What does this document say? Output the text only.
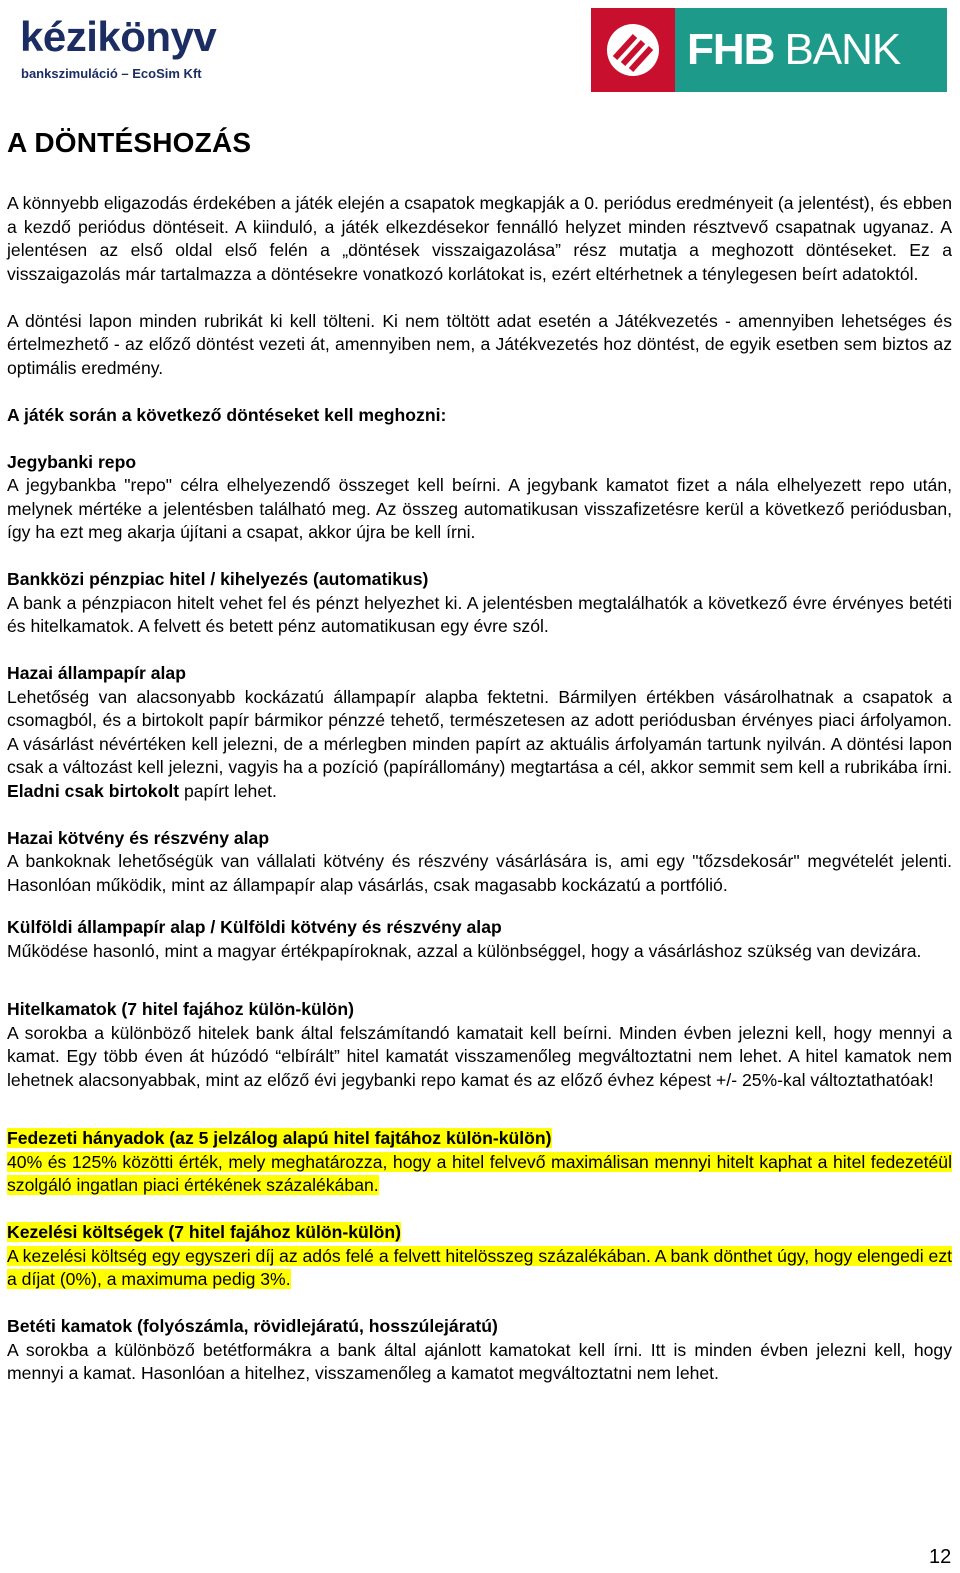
kézikönyv
bankszimuláció – EcoSim Kft	FHB BANK
A DÖNTÉSHOZÁS

A könnyebb eligazodás érdekében a játék elején a csapatok megkapják a 0. periódus eredményeit (a jelentést), és ebben a kezdő periódus döntéseit. A kiinduló, a játék elkezdésekor fennálló helyzet minden résztvevő csapatnak ugyanaz. A jelentésen az első oldal első felén a „döntések visszaigazolása” rész mutatja a meghozott döntéseket. Ez a visszaigazolás már tartalmazza a döntésekre vonatkozó korlátokat is, ezért eltérhetnek a ténylegesen beírt adatoktól.

A döntési lapon minden rubrikát ki kell tölteni. Ki nem töltött adat esetén a Játékvezetés - amennyiben lehetséges és értelmezhető - az előző döntést vezeti át, amennyiben nem, a Játékvezetés hoz döntést, de egyik esetben sem biztos az optimális eredmény.

A játék során a következő döntéseket kell meghozni:

Jegybanki repo

A jegybankba "repo" célra elhelyezendő összeget kell beírni. A jegybank kamatot fizet a nála elhelyezett repo után, melynek mértéke a jelentésben található meg. Az összeg automatikusan visszafizetésre kerül a következő periódusban, így ha ezt meg akarja újítani a csapat, akkor újra be kell írni.

Bankközi pénzpiac hitel / kihelyezés (automatikus)

A bank a pénzpiacon hitelt vehet fel és pénzt helyezhet ki. A jelentésben megtalálhatók a következő évre érvényes betéti és hitelkamatok. A felvett és betett pénz automatikusan egy évre szól.

Hazai állampapír alap

Lehetőség van alacsonyabb kockázatú állampapír alapba fektetni. Bármilyen értékben vásárolhatnak a csapatok a csomagból, és a birtokolt papír bármikor pénzzé tehető, természetesen az adott periódusban érvényes piaci árfolyamon. A vásárlást névértéken kell jelezni, de a mérlegben minden papírt az aktuális árfolyamán tartunk nyilván. A döntési lapon csak a változást kell jelezni, vagyis ha a pozíció (papírállomány) megtartása a cél, akkor semmit sem kell a rubrikába írni. Eladni csak birtokolt papírt lehet.

Hazai kötvény és részvény alap

A bankoknak lehetőségük van vállalati kötvény és részvény vásárlására is, ami egy "tőzsdekosár" megvételét jelenti. Hasonlóan működik, mint az állampapír alap vásárlás, csak magasabb kockázatú a portfólió.

Külföldi állampapír alap / Külföldi kötvény és részvény alap

Működése hasonló, mint a magyar értékpapíroknak, azzal a különbséggel, hogy a vásárláshoz szükség van devizára.

Hitelkamatok (7 hitel fajához külön-külön)

A sorokba a különböző hitelek bank által felszámítandó kamatait kell beírni. Minden évben jelezni kell, hogy mennyi a kamat. Egy több éven át húzódó “elbírált” hitel kamatát visszamenőleg megváltoztatni nem lehet. A hitel kamatok nem lehetnek alacsonyabbak, mint az előző évi jegybanki repo kamat és az előző évhez képest +/- 25%-kal változtathatóak!

Fedezeti hányadok (az 5 jelzálog alapú hitel fajtához külön-külön)

40% és 125% közötti érték, mely meghatározza, hogy a hitel felvevő maximálisan mennyi hitelt kaphat a hitel fedezetéül szolgáló ingatlan piaci értékének százalékában.

Kezelési költségek (7 hitel fajához külön-külön)

A kezelési költség egy egyszeri díj az adós felé a felvett hitelösszeg százalékában. A bank dönthet úgy, hogy elengedi ezt a díjat (0%), a maximuma pedig 3%.

Betéti kamatok (folyószámla, rövidlejáratú, hosszúlejáratú)

A sorokba a különböző betétformákra a bank által ajánlott kamatokat kell írni. Itt is minden évben jelezni kell, hogy mennyi a kamat. Hasonlóan a hitelhez, visszamenőleg a kamatot megváltoztatni nem lehet.

12
